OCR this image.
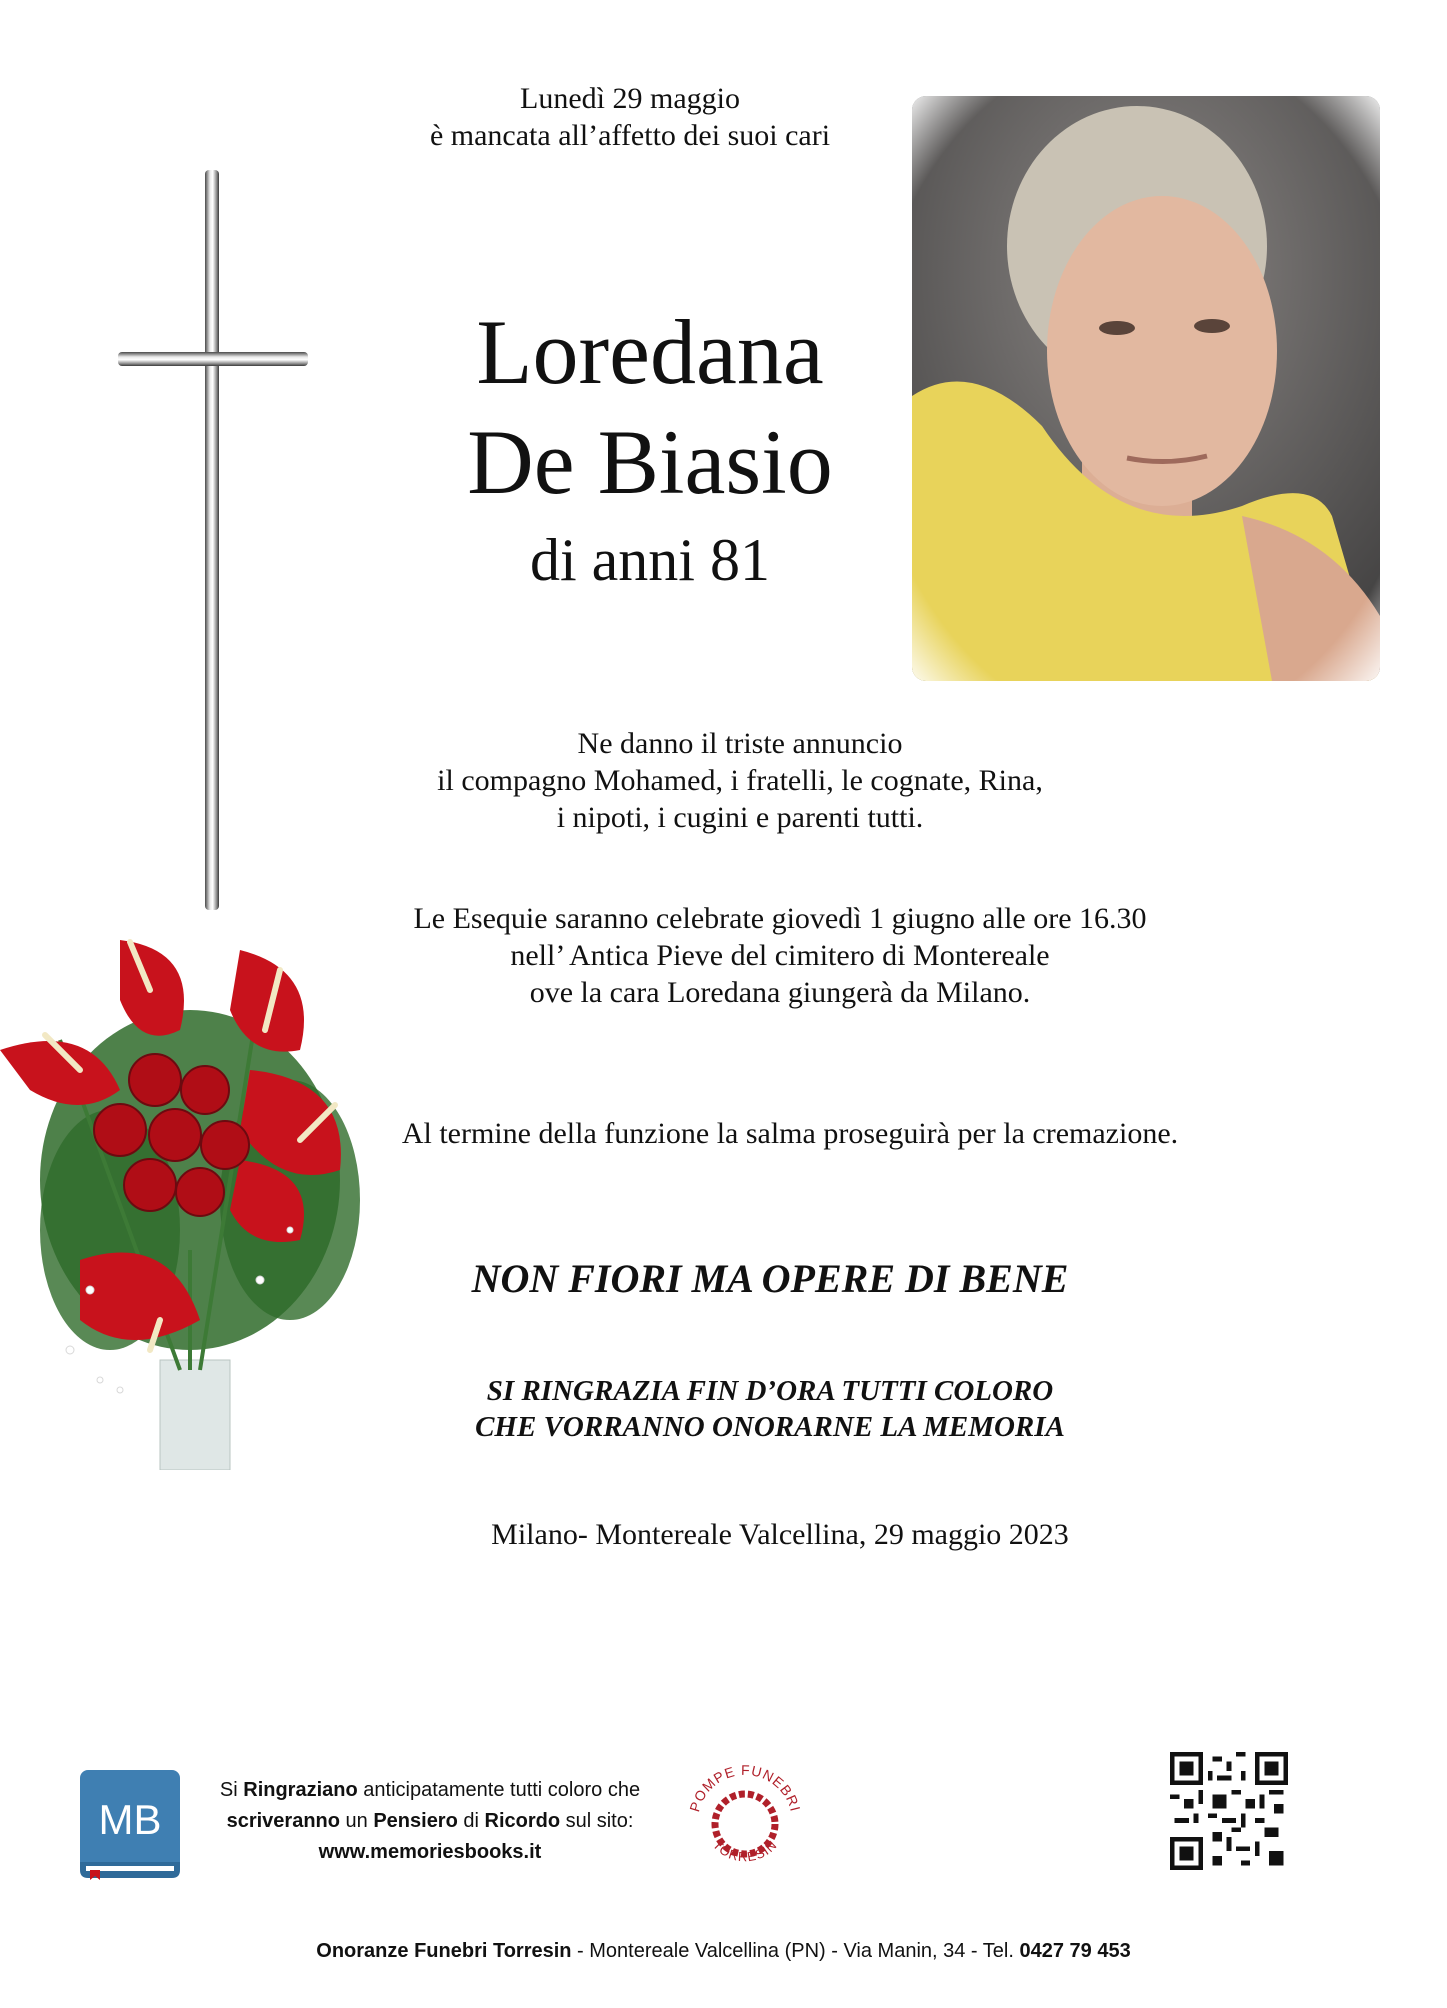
Lunedì 29 maggio
è mancata all’affetto dei suoi cari
Loredana
De Biasio
di anni 81
Ne danno il triste annuncio
il compagno Mohamed, i fratelli, le cognate, Rina,
i nipoti, i cugini e parenti tutti.
Le Esequie saranno celebrate giovedì 1 giugno alle ore 16.30
nell’ Antica Pieve del cimitero di Montereale
ove la cara Loredana giungerà da Milano.
Al termine della funzione la salma proseguirà per la cremazione.
NON FIORI MA OPERE DI BENE
SI RINGRAZIA FIN D’ORA TUTTI COLORO
CHE VORRANNO ONORARNE LA MEMORIA
Milano- Montereale Valcellina, 29 maggio 2023
MB
Si Ringraziano anticipatamente tutti coloro che
scriveranno un Pensiero di Ricordo sul sito:
www.memoriesbooks.it
POMPE FUNEBRI
TORRESIN
Onoranze Funebri Torresin - Montereale Valcellina (PN) - Via Manin, 34 - Tel. 0427 79 453
